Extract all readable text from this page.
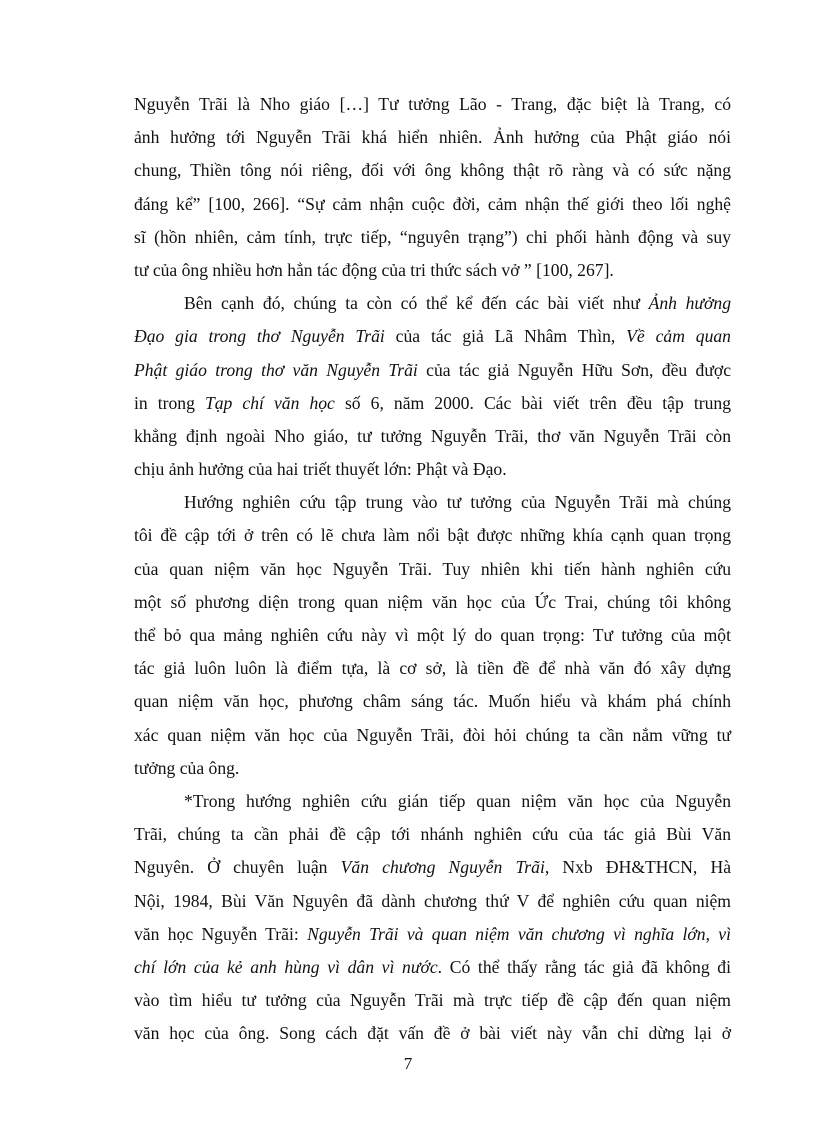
Nguyễn Trãi là Nho giáo […] Tư tưởng Lão - Trang, đặc biệt là Trang, có
ảnh hưởng tới Nguyễn Trãi khá hiển nhiên. Ảnh hưởng của Phật giáo nói
chung, Thiền tông nói riêng, đối với ông không thật rõ ràng và có sức nặng
đáng kể” [100, 266]. “Sự cảm nhận cuộc đời, cảm nhận thế giới theo lối nghệ
sĩ (hồn nhiên, cảm tính, trực tiếp, “nguyên trạng”) chi phối hành động và suy
tư của ông nhiều hơn hẳn tác động của tri thức sách vở ” [100, 267].
Bên cạnh đó, chúng ta còn có thể kể đến các bài viết như Ảnh hưởng
Đạo gia trong thơ Nguyễn Trãi của tác giả Lã Nhâm Thìn, Về cảm quan
Phật giáo trong thơ văn Nguyễn Trãi của tác giả Nguyễn Hữu Sơn, đều được
in trong Tạp chí văn học số 6, năm 2000. Các bài viết trên đều tập trung
khẳng định ngoài Nho giáo, tư tưởng Nguyễn Trãi, thơ văn Nguyễn Trãi còn
chịu ảnh hưởng của hai triết thuyết lớn: Phật và Đạo.
Hướng nghiên cứu tập trung vào tư tưởng của Nguyễn Trãi mà chúng
tôi đề cập tới ở trên có lẽ chưa làm nổi bật được những khía cạnh quan trọng
của quan niệm văn học Nguyễn Trãi. Tuy nhiên khi tiến hành nghiên cứu
một số phương diện trong quan niệm văn học của Ức Trai, chúng tôi không
thể bỏ qua mảng nghiên cứu này vì một lý do quan trọng: Tư tưởng của một
tác giả luôn luôn là điểm tựa, là cơ sở, là tiền đề để nhà văn đó xây dựng
quan niệm văn học, phương châm sáng tác. Muốn hiểu và khám phá chính
xác quan niệm văn học của Nguyễn Trãi, đòi hỏi chúng ta cần nắm vững tư
tưởng của ông.
*Trong hướng nghiên cứu gián tiếp quan niệm văn học của Nguyễn
Trãi, chúng ta cần phải đề cập tới nhánh nghiên cứu của tác giả Bùi Văn
Nguyên. Ở chuyên luận Văn chương Nguyễn Trãi, Nxb ĐH&THCN, Hà
Nội, 1984, Bùi Văn Nguyên đã dành chương thứ V để nghiên cứu quan niệm
văn học Nguyễn Trãi: Nguyễn Trãi và quan niệm văn chương vì nghĩa lớn, vì
chí lớn của kẻ anh hùng vì dân vì nước. Có thể thấy rằng tác giả đã không đi
vào tìm hiểu tư tưởng của Nguyễn Trãi mà trực tiếp đề cập đến quan niệm
văn học của ông. Song cách đặt vấn đề ở bài viết này vẫn chỉ dừng lại ở
7
